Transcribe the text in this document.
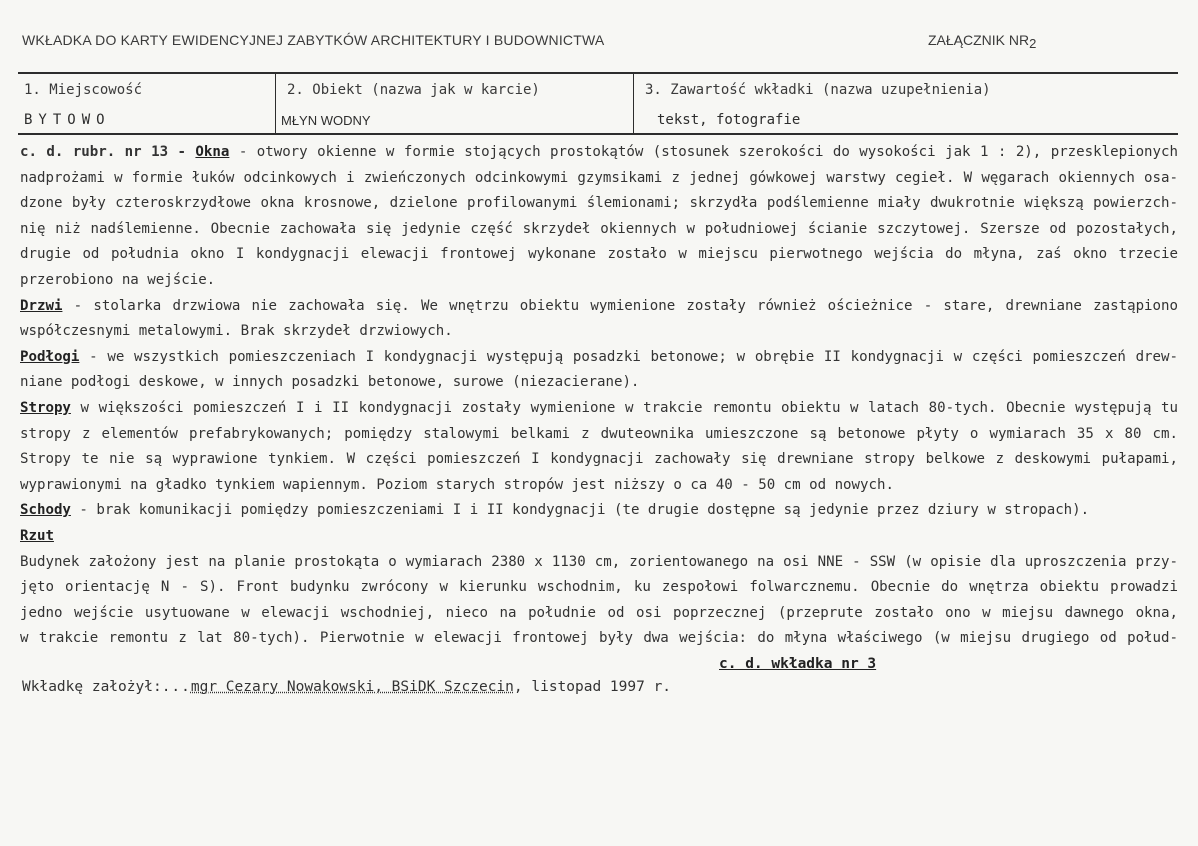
WKŁADKA DO KARTY EWIDENCYJNEJ ZABYTKÓW ARCHITEKTURY I BUDOWNICTWA	ZAŁĄCZNIK NR2
1. Miejscowość	2. Obiekt (nazwa jak w karcie)	3. Zawartość wkładki (nazwa uzupełnienia)
BYTOWO	MŁYN WODNY	tekst, fotografie
c. d. rubr. nr 13 - Okna - otwory okienne w formie stojących prostokątów (stosunek szerokości do wysokości jak 1 : 2), przesklepionych
nadprożami w formie łuków odcinkowych i zwieńczonych odcinkowymi gzymsikami z jednej gówkowej warstwy cegieł. W węgarach okiennych osa-
dzone były czteroskrzydłowe okna krosnowe, dzielone profilowanymi ślemionami; skrzydła podślemienne miały dwukrotnie większą powierzch-
nię niż nadślemienne. Obecnie zachowała się jedynie część skrzydeł okiennych w południowej ścianie szczytowej. Szersze od pozostałych,
drugie od południa okno I kondygnacji elewacji frontowej wykonane zostało w miejscu pierwotnego wejścia do młyna, zaś okno trzecie
przerobiono na wejście.
Drzwi - stolarka drzwiowa nie zachowała się. We wnętrzu obiektu wymienione zostały również ościeżnice - stare, drewniane zastąpiono
współczesnymi metalowymi. Brak skrzydeł drzwiowych.
Podłogi - we wszystkich pomieszczeniach I kondygnacji występują posadzki betonowe; w obrębie II kondygnacji w części pomieszczeń drew-
niane podłogi deskowe, w innych posadzki betonowe, surowe (niezacierane).
Stropy w większości pomieszczeń I i II kondygnacji zostały wymienione w trakcie remontu obiektu w latach 80-tych. Obecnie występują tu
stropy z elementów prefabrykowanych; pomiędzy stalowymi belkami z dwuteownika umieszczone są betonowe płyty o wymiarach 35 x 80 cm.
Stropy te nie są wyprawione tynkiem. W części pomieszczeń I kondygnacji zachowały się drewniane stropy belkowe z deskowymi pułapami,
wyprawionymi na gładko tynkiem wapiennym. Poziom starych stropów jest niższy o ca 40 - 50 cm od nowych.
Schody - brak komunikacji pomiędzy pomieszczeniami I i II kondygnacji (te drugie dostępne są jedynie przez dziury w stropach).
Rzut
Budynek założony jest na planie prostokąta o wymiarach 2380 x 1130 cm, zorientowanego na osi NNE - SSW (w opisie dla uproszczenia przy-
jęto orientację N - S). Front budynku zwrócony w kierunku wschodnim, ku zespołowi folwarcznemu. Obecnie do wnętrza obiektu prowadzi
jedno wejście usytuowane w elewacji wschodniej, nieco na południe od osi poprzecznej (przeprute zostało ono w miejsu dawnego okna,
w trakcie remontu z lat 80-tych). Pierwotnie w elewacji frontowej były dwa wejścia: do młyna właściwego (w miejsu drugiego od połud-
c. d. wkładka nr 3
Wkładkę założył:...mgr Cezary Nowakowski, BSiDK Szczecin, listopad 1997 r.
